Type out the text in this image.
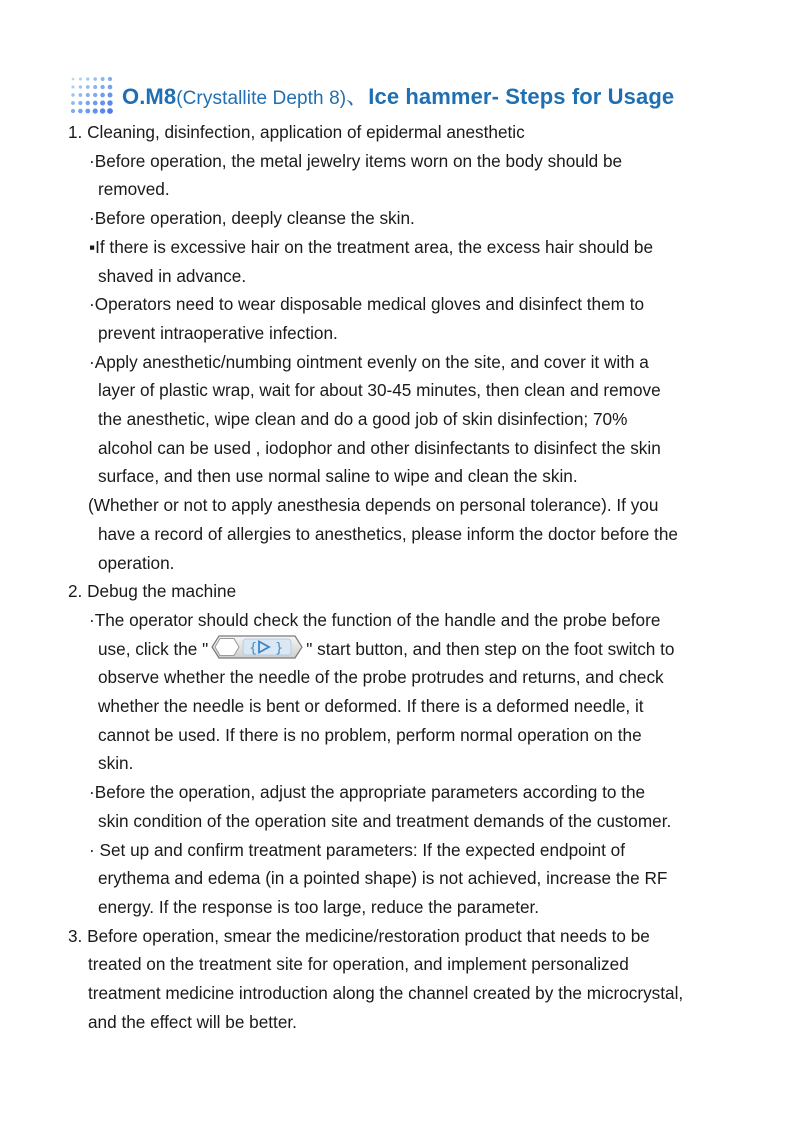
O.M8(Crystallite Depth 8)、Ice hammer- Steps for Usage
1. Cleaning, disinfection, application of epidermal anesthetic
·Before operation, the metal jewelry items worn on the body should be
removed.
·Before operation, deeply cleanse the skin.
▪If there is excessive hair on the treatment area, the excess hair should be
shaved in advance.
·Operators need to wear disposable medical gloves and disinfect them to
prevent intraoperative infection.
·Apply anesthetic/numbing ointment evenly on the site, and cover it with a
layer of plastic wrap, wait for about 30-45 minutes, then clean and remove
the anesthetic, wipe clean and do a good job of skin disinfection; 70%
alcohol can be used , iodophor and other disinfectants to disinfect the skin
surface, and then use normal saline to wipe and clean the skin.
(Whether or not to apply anesthesia depends on personal tolerance). If you
have a record of allergies to anesthetics, please inform the doctor before the
operation.
2. Debug the machine
·The operator should check the function of the handle and the probe before
use, click the "	{ } " start button, and then step on the foot switch to
observe whether the needle of the probe protrudes and returns, and check
whether the needle is bent or deformed. If there is a deformed needle, it
cannot be used. If there is no problem, perform normal operation on the
skin.
·Before the operation, adjust the appropriate parameters according to the
skin condition of the operation site and treatment demands of the customer.
· Set up and confirm treatment parameters: If the expected endpoint of
erythema and edema (in a pointed shape) is not achieved, increase the RF
energy. If the response is too large, reduce the parameter.
3. Before operation, smear the medicine/restoration product that needs to be
treated on the treatment site for operation, and implement personalized
treatment medicine introduction along the channel created by the microcrystal,
and the effect will be better.
